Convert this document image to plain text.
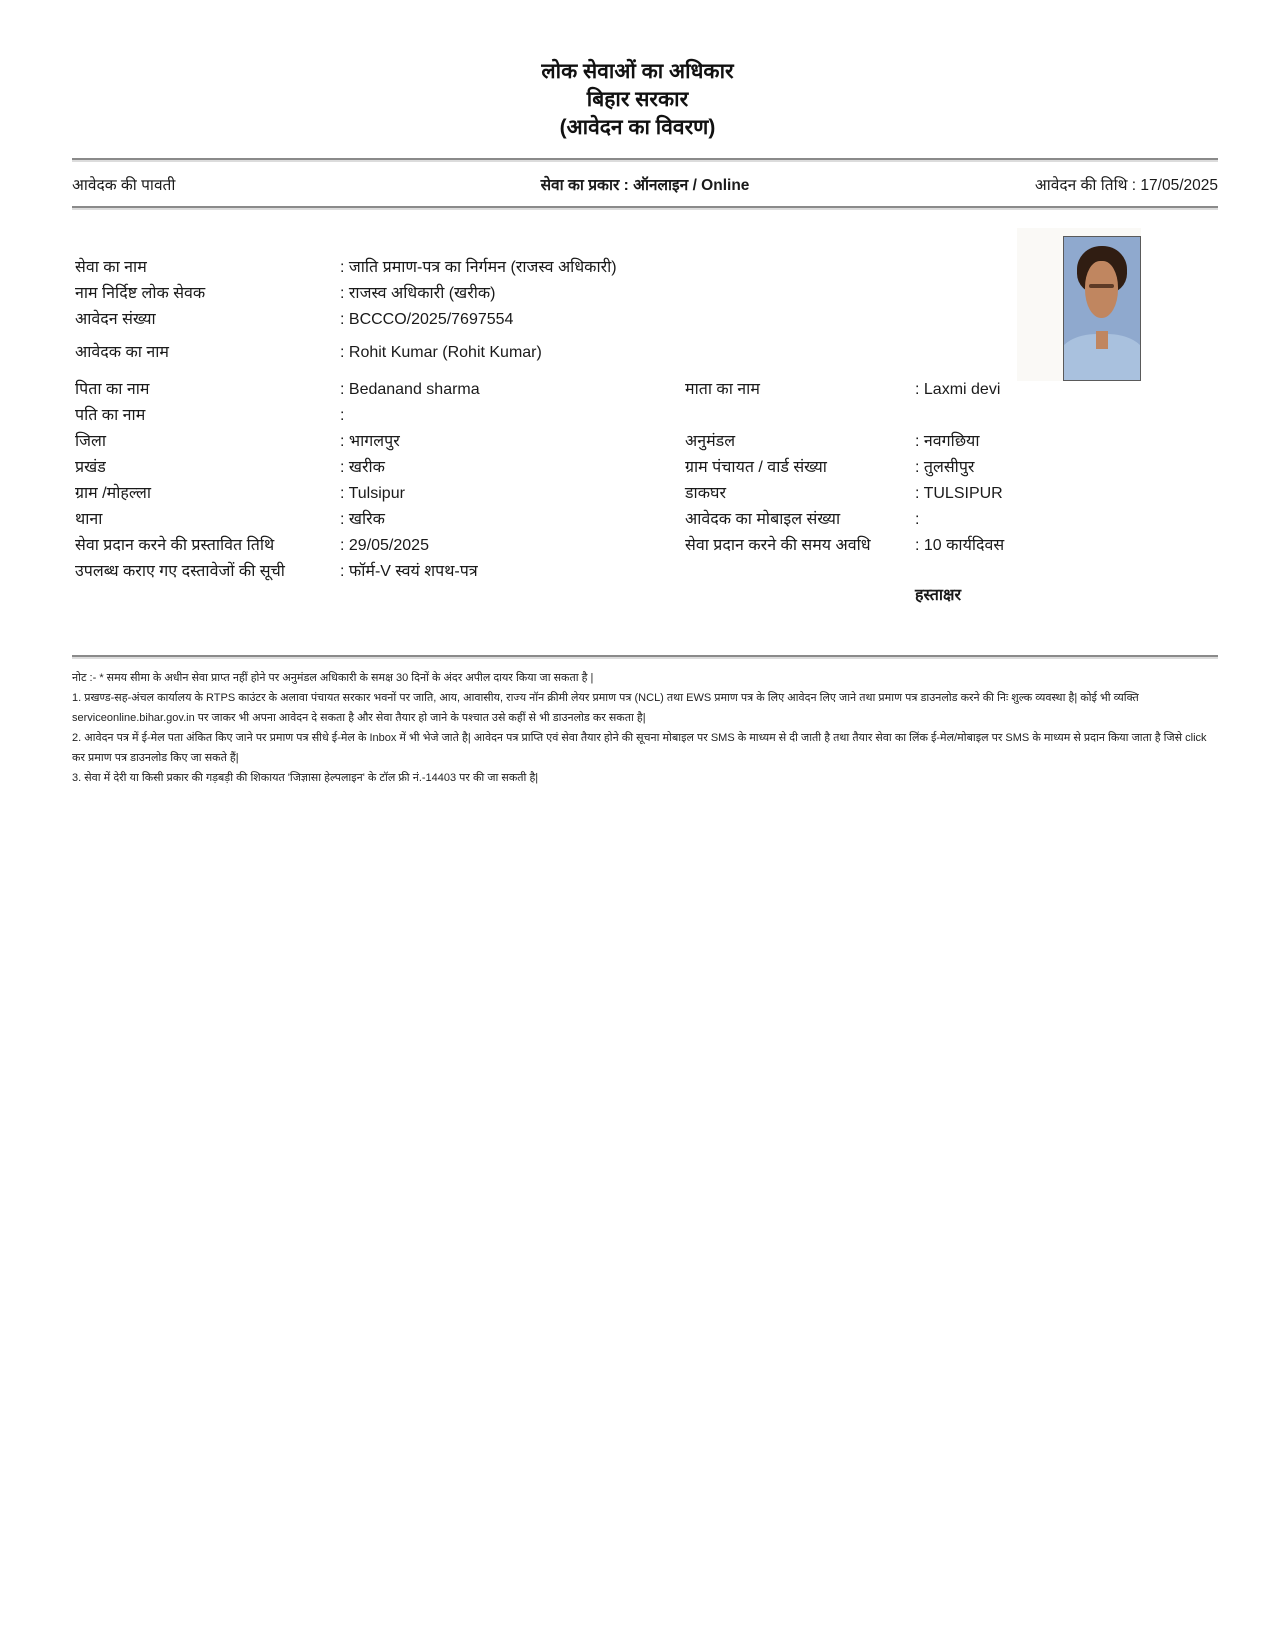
लोक सेवाओं का अधिकार
बिहार सरकार
(आवेदन का विवरण)
आवेदक की पावती	सेवा का प्रकार : ऑनलाइन / Online	आवेदन की तिथि : 17/05/2025
सेवा का नाम	: जाति प्रमाण-पत्र का निर्गमन (राजस्व अधिकारी)
नाम निर्दिष्ट लोक सेवक	: राजस्व अधिकारी (खरीक)
आवेदन संख्या	: BCCCO/2025/7697554
आवेदक का नाम	: Rohit Kumar (Rohit Kumar)
पिता का नाम	: Bedanand sharma	माता का नाम	: Laxmi devi
पति का नाम	:
जिला	: भागलपुर	अनुमंडल	: नवगछिया
प्रखंड	: खरीक	ग्राम पंचायत / वार्ड संख्या	: तुलसीपुर
ग्राम /मोहल्ला	: Tulsipur	डाकघर	: TULSIPUR
थाना	: खरिक	आवेदक का मोबाइल संख्या	:
सेवा प्रदान करने की प्रस्तावित तिथि	: 29/05/2025	सेवा प्रदान करने की समय अवधि	: 10 कार्यदिवस
उपलब्ध कराए गए दस्तावेजों की सूची	: फॉर्म-V स्वयं शपथ-पत्र
हस्ताक्षर

नोट :- * समय सीमा के अधीन सेवा प्राप्त नहीं होने पर अनुमंडल अधिकारी के समक्ष 30 दिनों के अंदर अपील दायर किया जा सकता है |

1. प्रखण्ड-सह-अंचल कार्यालय के RTPS काउंटर के अलावा पंचायत सरकार भवनों पर जाति, आय, आवासीय, राज्य नॉन क्रीमी लेयर प्रमाण पत्र (NCL) तथा EWS प्रमाण पत्र के लिए आवेदन लिए जाने तथा प्रमाण पत्र डाउनलोड करने की निः शुल्क व्यवस्था है| कोई भी व्यक्ति serviceonline.bihar.gov.in पर जाकर भी अपना आवेदन दे सकता है और सेवा तैयार हो जाने के पश्चात उसे कहीं से भी डाउनलोड कर सकता है|

2. आवेदन पत्र में ई-मेल पता अंकित किए जाने पर प्रमाण पत्र सीधे ई-मेल के Inbox में भी भेजे जाते है| आवेदन पत्र प्राप्ति एवं सेवा तैयार होने की सूचना मोबाइल पर SMS के माध्यम से दी जाती है तथा तैयार सेवा का लिंक ई-मेल/मोबाइल पर SMS के माध्यम से प्रदान किया जाता है जिसे click कर प्रमाण पत्र डाउनलोड किए जा सकते हैं|

3. सेवा में देरी या किसी प्रकार की गड़बड़ी की शिकायत 'जिज्ञासा हेल्पलाइन' के टॉल फ्री नं.-14403 पर की जा सकती है|
